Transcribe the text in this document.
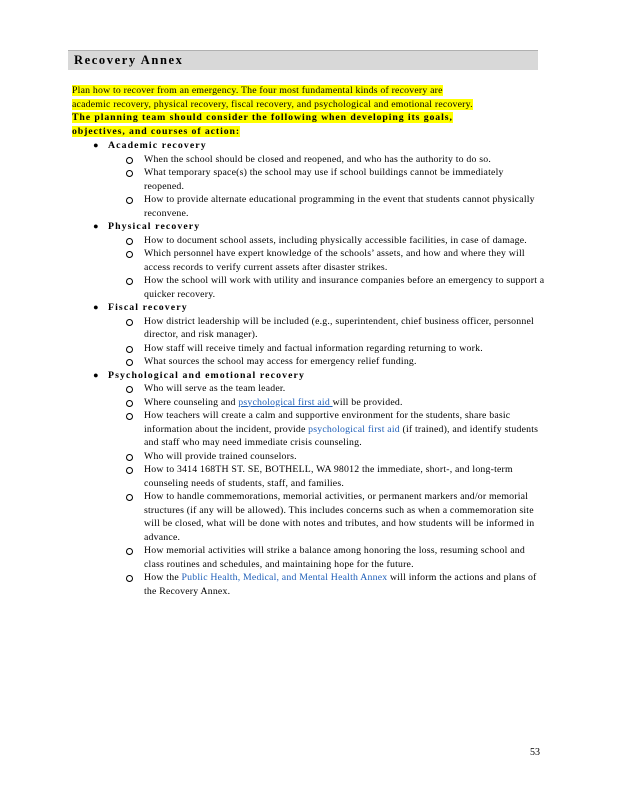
Recovery Annex
Plan how to recover from an emergency. The four most fundamental kinds of recovery are
academic recovery, physical recovery, fiscal recovery, and psychological and emotional recovery.
The planning team should consider the following when developing its goals,
objectives, and courses of action:
● Academic recovery
When the school should be closed and reopened, and who has the authority to do so.
What temporary space(s) the school may use if school buildings cannot be immediately reopened.
How to provide alternate educational programming in the event that students cannot physically reconvene.
● Physical recovery
How to document school assets, including physically accessible facilities, in case of damage.
Which personnel have expert knowledge of the schools’ assets, and how and where they will access records to verify current assets after disaster strikes.
How the school will work with utility and insurance companies before an emergency to support a quicker recovery.
● Fiscal recovery
How district leadership will be included (e.g., superintendent, chief business officer, personnel director, and risk manager).
How staff will receive timely and factual information regarding returning to work.
What sources the school may access for emergency relief funding.
● Psychological and emotional recovery
Who will serve as the team leader.
Where counseling and psychological first aid will be provided.
How teachers will create a calm and supportive environment for the students, share basic information about the incident, provide psychological first aid (if trained), and identify students and staff who may need immediate crisis counseling.
Who will provide trained counselors.
How to 3414 168TH ST. SE, BOTHELL, WA 98012 the immediate, short-, and long-term counseling needs of students, staff, and families.
How to handle commemorations, memorial activities, or permanent markers and/or memorial structures (if any will be allowed). This includes concerns such as when a commemoration site will be closed, what will be done with notes and tributes, and how students will be informed in advance.
How memorial activities will strike a balance among honoring the loss, resuming school and class routines and schedules, and maintaining hope for the future.
How the Public Health, Medical, and Mental Health Annex will inform the actions and plans of the Recovery Annex.
53
